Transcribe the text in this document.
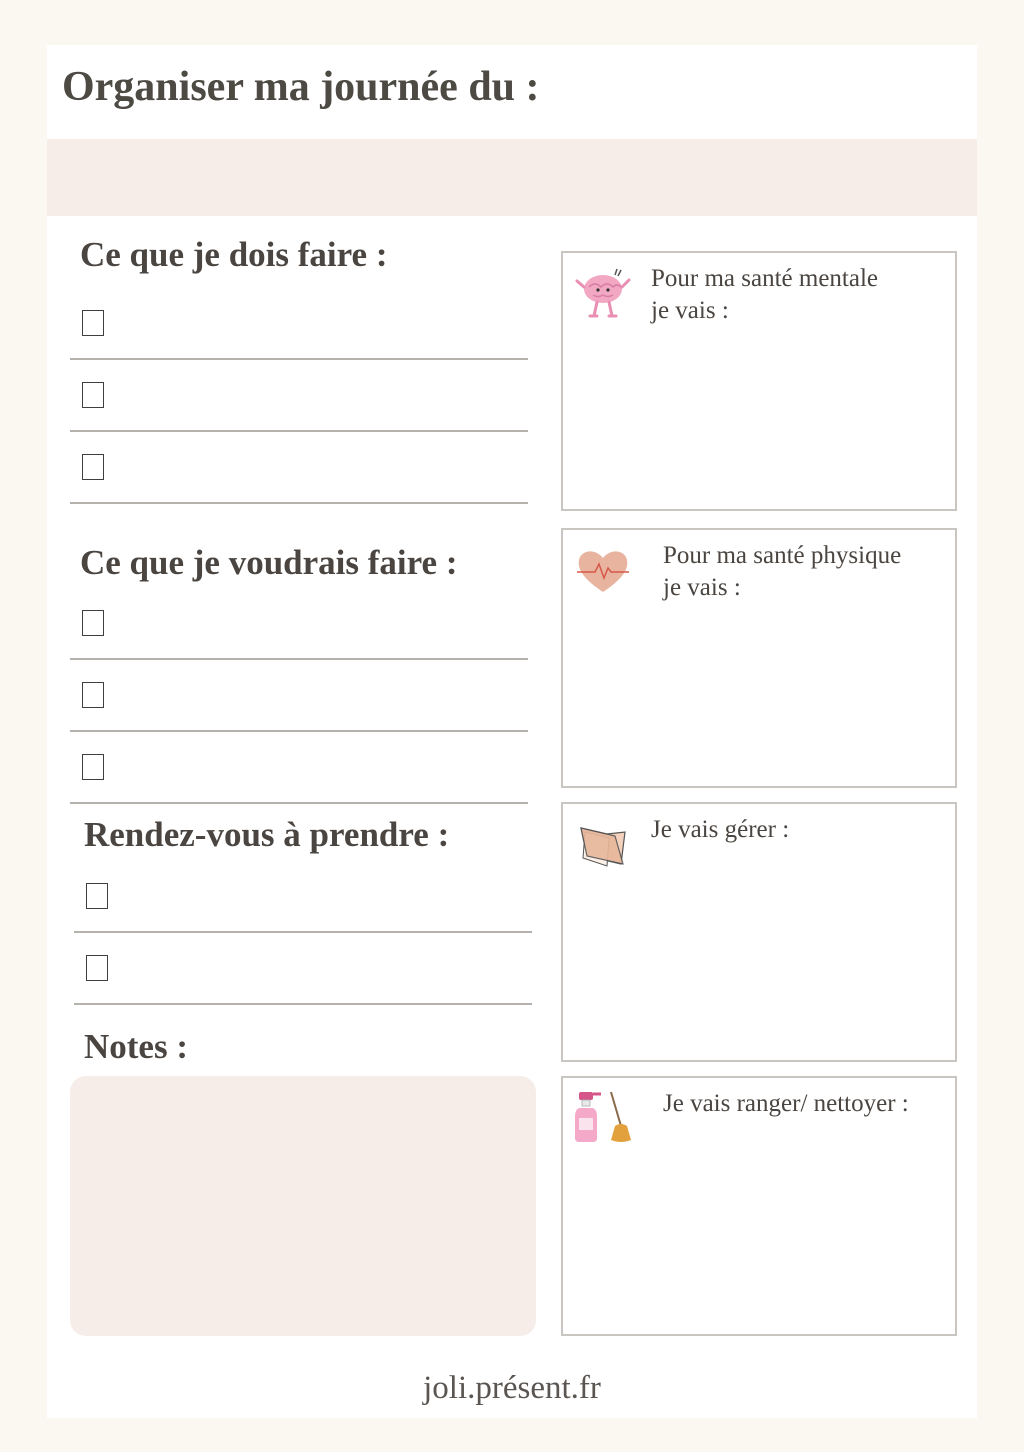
Organiser ma journée du :
Ce que je dois faire :
Ce que je voudrais faire :
Rendez-vous à prendre :
Notes :
Pour ma santé mentale
je vais :
Pour ma santé physique
je vais :
Je vais gérer :
Je vais ranger/ nettoyer :
joli.présent.fr
